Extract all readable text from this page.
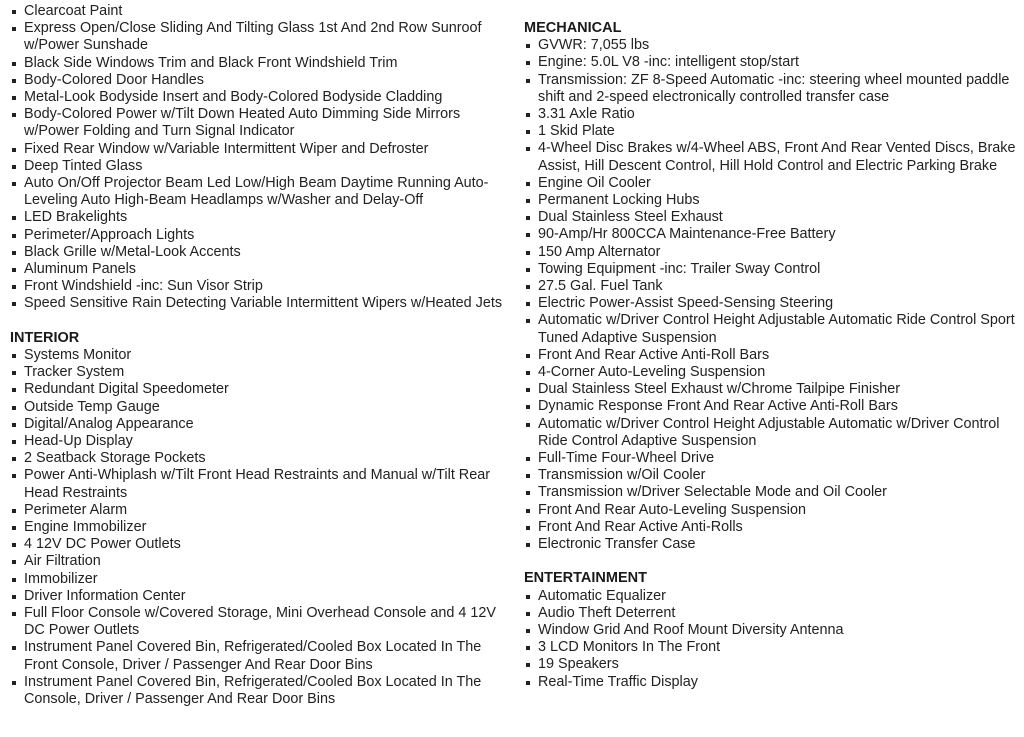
Clearcoat Paint
Express Open/Close Sliding And Tilting Glass 1st And 2nd Row Sunroof w/Power Sunshade
Black Side Windows Trim and Black Front Windshield Trim
Body-Colored Door Handles
Metal-Look Bodyside Insert and Body-Colored Bodyside Cladding
Body-Colored Power w/Tilt Down Heated Auto Dimming Side Mirrors w/Power Folding and Turn Signal Indicator
Fixed Rear Window w/Variable Intermittent Wiper and Defroster
Deep Tinted Glass
Auto On/Off Projector Beam Led Low/High Beam Daytime Running Auto-Leveling Auto High-Beam Headlamps w/Washer and Delay-Off
LED Brakelights
Perimeter/Approach Lights
Black Grille w/Metal-Look Accents
Aluminum Panels
Front Windshield -inc: Sun Visor Strip
Speed Sensitive Rain Detecting Variable Intermittent Wipers w/Heated Jets
INTERIOR
Systems Monitor
Tracker System
Redundant Digital Speedometer
Outside Temp Gauge
Digital/Analog Appearance
Head-Up Display
2 Seatback Storage Pockets
Power Anti-Whiplash w/Tilt Front Head Restraints and Manual w/Tilt Rear Head Restraints
Perimeter Alarm
Engine Immobilizer
4 12V DC Power Outlets
Air Filtration
Immobilizer
Driver Information Center
Full Floor Console w/Covered Storage, Mini Overhead Console and 4 12V DC Power Outlets
Instrument Panel Covered Bin, Refrigerated/Cooled Box Located In The Front Console, Driver / Passenger And Rear Door Bins
Instrument Panel Covered Bin, Refrigerated/Cooled Box Located In The Console, Driver / Passenger And Rear Door Bins
MECHANICAL
GVWR: 7,055 lbs
Engine: 5.0L V8 -inc: intelligent stop/start
Transmission: ZF 8-Speed Automatic -inc: steering wheel mounted paddle shift and 2-speed electronically controlled transfer case
3.31 Axle Ratio
1 Skid Plate
4-Wheel Disc Brakes w/4-Wheel ABS, Front And Rear Vented Discs, Brake Assist, Hill Descent Control, Hill Hold Control and Electric Parking Brake
Engine Oil Cooler
Permanent Locking Hubs
Dual Stainless Steel Exhaust
90-Amp/Hr 800CCA Maintenance-Free Battery
150 Amp Alternator
Towing Equipment -inc: Trailer Sway Control
27.5 Gal. Fuel Tank
Electric Power-Assist Speed-Sensing Steering
Automatic w/Driver Control Height Adjustable Automatic Ride Control Sport Tuned Adaptive Suspension
Front And Rear Active Anti-Roll Bars
4-Corner Auto-Leveling Suspension
Dual Stainless Steel Exhaust w/Chrome Tailpipe Finisher
Dynamic Response Front And Rear Active Anti-Roll Bars
Automatic w/Driver Control Height Adjustable Automatic w/Driver Control Ride Control Adaptive Suspension
Full-Time Four-Wheel Drive
Transmission w/Oil Cooler
Transmission w/Driver Selectable Mode and Oil Cooler
Front And Rear Auto-Leveling Suspension
Front And Rear Active Anti-Rolls
Electronic Transfer Case
ENTERTAINMENT
Automatic Equalizer
Audio Theft Deterrent
Window Grid And Roof Mount Diversity Antenna
3 LCD Monitors In The Front
19 Speakers
Real-Time Traffic Display
